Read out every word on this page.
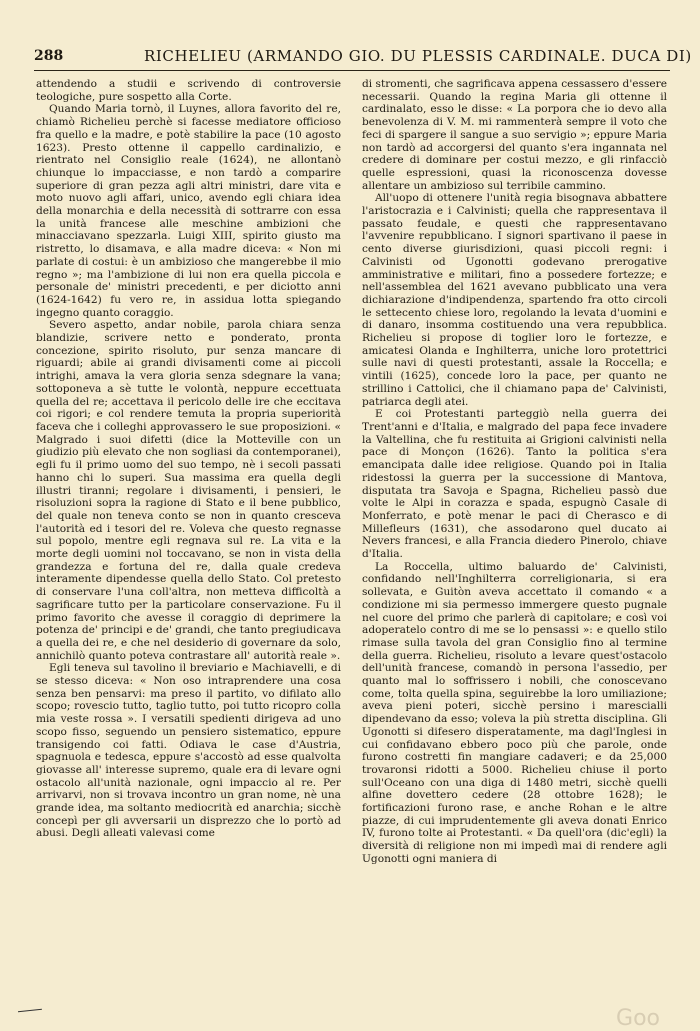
288	RICHELIEU (ARMANDO GIO. DU PLESSIS CARDINALE. DUCA DI)

attendendo a studii e scrivendo di controversie teologiche, pure sospetto alla Corte.

Quando Maria tornò, il Luynes, allora favorito del re, chiamò Richelieu perchè si facesse mediatore officioso fra quello e la madre, e potè stabilire la pace (10 agosto 1623). Presto ottenne il cappello cardinalizio, e rientrato nel Consiglio reale (1624), ne allontanò chiunque lo impacciasse, e non tardò a comparire superiore di gran pezza agli altri ministri, dare vita e moto nuovo agli affari, unico, avendo egli chiara idea della monarchia e della necessità di sottrarre con essa la unità francese alle meschine ambizioni che minacciavano spezzarla. Luigi XIII, spirito giusto ma ristretto, lo disamava, e alla madre diceva: « Non mi parlate di costui: è un ambizioso che mangerebbe il mio regno »; ma l'ambizione di lui non era quella piccola e personale de' ministri precedenti, e per diciotto anni (1624-1642) fu vero re, in assidua lotta spiegando ingegno quanto coraggio.

Severo aspetto, andar nobile, parola chiara senza blandizie, scrivere netto e ponderato, pronta concezione, spirito risoluto, pur senza mancare di riguardi; abile ai grandi divisamenti come ai piccoli intrighi, amava la vera gloria senza sdegnare la vana; sottoponeva a sè tutte le volontà, neppure eccettuata quella del re; accettava il pericolo delle ire che eccitava coi rigori; e col rendere temuta la propria superiorità faceva che i colleghi approvassero le sue proposizioni. « Malgrado i suoi difetti (dice la Motteville con un giudizio più elevato che non sogliasi da contemporanei), egli fu il primo uomo del suo tempo, nè i secoli passati hanno chi lo superi. Sua massima era quella degli illustri tiranni; regolare i divisamenti, i pensieri, le risoluzioni sopra la ragione di Stato e il bene pubblico, del quale non teneva conto se non in quanto cresceva l'autorità ed i tesori del re. Voleva che questo regnasse sul popolo, mentre egli regnava sul re. La vita e la morte degli uomini nol toccavano, se non in vista della grandezza e fortuna del re, dalla quale credeva interamente dipendesse quella dello Stato. Col pretesto di conservare l'una coll'altra, non metteva difficoltà a sagrificare tutto per la particolare conservazione. Fu il primo favorito che avesse il coraggio di deprimere la potenza de' principi e de' grandi, che tanto pregiudicava a quella dei re, e che nel desiderio di governare da solo, annichilò quanto poteva contrastare all' autorità reale ».

Egli teneva sul tavolino il breviario e Machiavelli, e di se stesso diceva: « Non oso intraprendere una cosa senza ben pensarvi: ma preso il partito, vo difilato allo scopo; rovescio tutto, taglio tutto, poi tutto ricopro colla mia veste rossa ». I versatili spedienti dirigeva ad uno scopo fisso, seguendo un pensiero sistematico, eppure transigendo coi fatti. Odiava le case d'Austria, spagnuola e tedesca, eppure s'accostò ad esse qualvolta giovasse all' interesse supremo, quale era di levare ogni ostacolo all'unità nazionale, ogni impaccio al re. Per arrivarvi, non si trovava incontro un gran nome, nè una grande idea, ma soltanto mediocrità ed anarchia; sicchè concepì per gli avversarii un disprezzo che lo portò ad abusi. Degli alleati valevasi come

di stromenti, che sagrificava appena cessassero d'essere necessarii. Quando la regina Maria gli ottenne il cardinalato, esso le disse: « La porpora che io devo alla benevolenza di V. M. mi rammenterà sempre il voto che feci di spargere il sangue a suo servigio »; eppure Maria non tardò ad accorgersi del quanto s'era ingannata nel credere di dominare per costui mezzo, e gli rinfacciò quelle espressioni, quasi la riconoscenza dovesse allentare un ambizioso sul terribile cammino.

All'uopo di ottenere l'unità regia bisognava abbattere l'aristocrazia e i Calvinisti; quella che rappresentava il passato feudale, e questi che rappresentavano l'avvenire repubblicano. I signori spartivano il paese in cento diverse giurisdizioni, quasi piccoli regni: i Calvinisti od Ugonotti godevano prerogative amministrative e militari, fino a possedere fortezze; e nell'assemblea del 1621 avevano pubblicato una vera dichiarazione d'indipendenza, spartendo fra otto circoli le settecento chiese loro, regolando la levata d'uomini e di danaro, insomma costituendo una vera repubblica. Richelieu si propose di toglier loro le fortezze, e amicatesi Olanda e Inghilterra, uniche loro protettrici sulle navi di questi protestanti, assale la Roccella; e vintili (1625), concede loro la pace, per quanto ne strillino i Cattolici, che il chiamano papa de' Calvinisti, patriarca degli atei.

E coi Protestanti parteggiò nella guerra dei Trent'anni e d'Italia, e malgrado del papa fece invadere la Valtellina, che fu restituita ai Grigioni calvinisti nella pace di Monçon (1626). Tanto la politica s'era emancipata dalle idee religiose. Quando poi in Italia ridestossi la guerra per la successione di Mantova, disputata tra Savoja e Spagna, Richelieu passò due volte le Alpi in corazza e spada, espugnò Casale di Monferrato, e potè menar le paci di Cherasco e di Millefleurs (1631), che assodarono quel ducato ai Nevers francesi, e alla Francia diedero Pinerolo, chiave d'Italia.

La Roccella, ultimo baluardo de' Calvinisti, confidando nell'Inghilterra correligionaria, si era sollevata, e Guitòn aveva accettato il comando « a condizione mi sia permesso immergere questo pugnale nel cuore del primo che parlerà di capitolare; e così voi adoperatelo contro di me se lo pensassi »: e quello stilo rimase sulla tavola del gran Consiglio fino al termine della guerra. Richelieu, risoluto a levare quest'ostacolo dell'unità francese, comandò in persona l'assedio, per quanto mal lo soffrissero i nobili, che conoscevano come, tolta quella spina, seguirebbe la loro umiliazione; aveva pieni poteri, sicchè persino i marescialli dipendevano da esso; voleva la più stretta disciplina. Gli Ugonotti si difesero disperatamente, ma dagl'Inglesi in cui confidavano ebbero poco più che parole, onde furono costretti fin mangiare cadaveri; e da 25,000 trovaronsi ridotti a 5000. Richelieu chiuse il porto sull'Oceano con una diga di 1480 metri, sicchè quelli alfine dovettero cedere (28 ottobre 1628); le fortificazioni furono rase, e anche Rohan e le altre piazze, di cui imprudentemente gli aveva donati Enrico IV, furono tolte ai Protestanti. « Da quell'ora (dic'egli) la diversità di religione non mi impedì mai di rendere agli Ugonotti ogni maniera di

Goo
